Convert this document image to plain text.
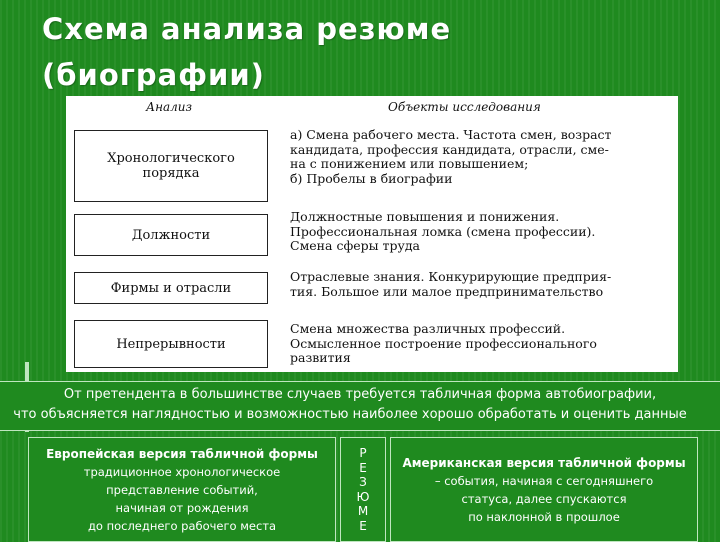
Схема анализа резюме
(биографии)
Анализ	Объекты исследования
Хронологического порядка
а) Смена рабочего места. Частота смен, возраст
кандидата, профессия кандидата, отрасли, сме-
на с понижением или повышением;
б) Пробелы в биографии
Должности
Должностные повышения и понижения.
Профессиональная ломка (смена профессии).
Смена сферы труда
Фирмы и отрасли
Отраслевые знания. Конкурирующие предприя-
тия. Большое или малое предпринимательство
Непрерывности
Смена множества различных профессий.
Осмысленное построение профессионального
развития
От претендента в большинстве случаев требуется табличная форма автобиографии,
что объясняется наглядностью и возможностью наиболее хорошо обработать и оценить данные
Европейская версия табличной формы
традиционное хронологическое
представление событий,
начиная от рождения
до последнего рабочего места
Р
Е
З
Ю
М
Е
Американская версия табличной формы
– события, начиная с сегодняшнего
статуса, далее спускаются
по наклонной в прошлое
